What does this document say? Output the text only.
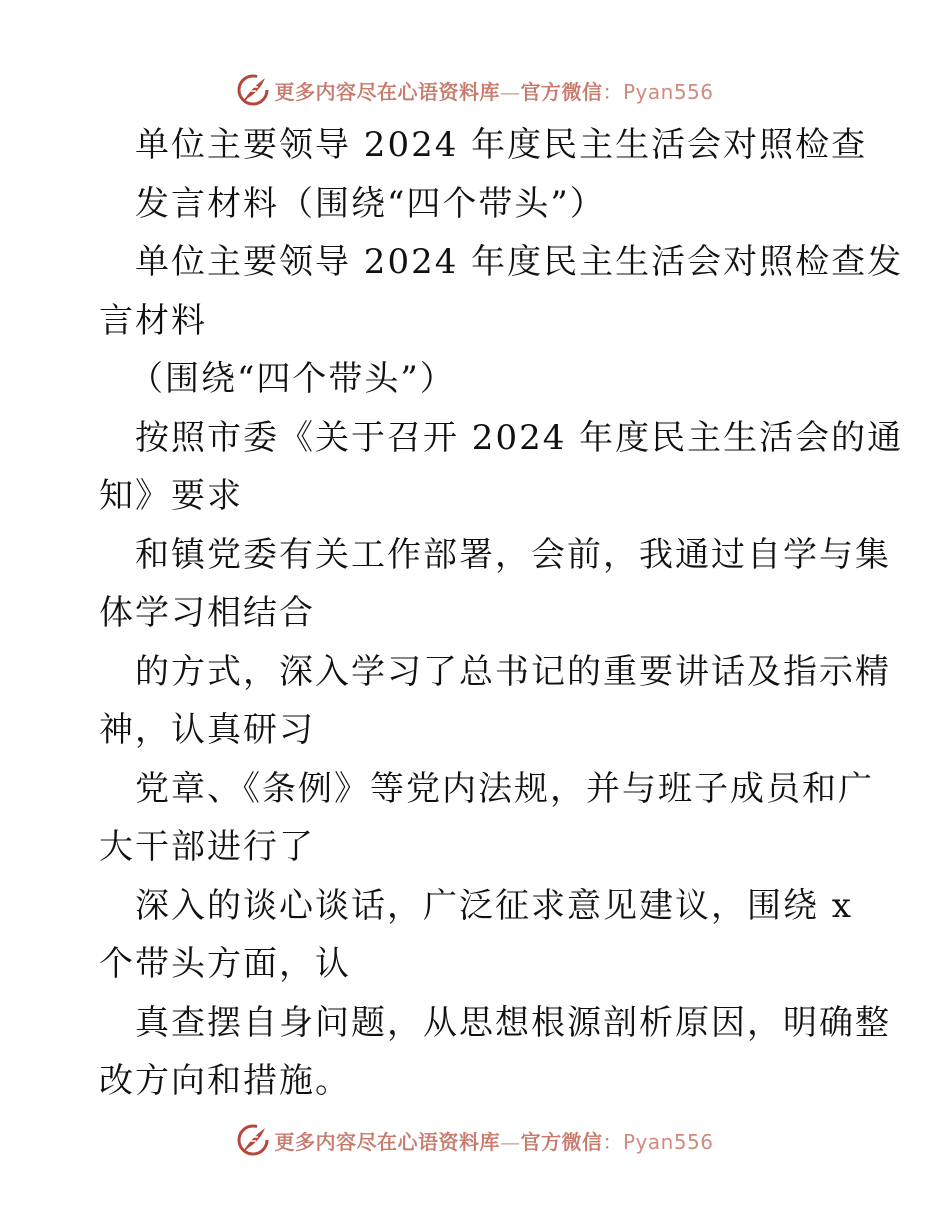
更多内容尽在心语资料库—官方微信：Pyan556

单位主要领导 2024 年度民主生活会对照检查

发言材料（围绕“四个带头”）

单位主要领导 2024 年度民主生活会对照检查发

言材料

（围绕“四个带头”）

按照市委《关于召开 2024 年度民主生活会的通

知》要求

和镇党委有关工作部署，会前，我通过自学与集

体学习相结合

的方式，深入学习了总书记的重要讲话及指示精

神，认真研习

党章、《条例》等党内法规，并与班子成员和广

大干部进行了

深入的谈心谈话，广泛征求意见建议，围绕 x

个带头方面，认

真查摆自身问题，从思想根源剖析原因，明确整

改方向和措施。

更多内容尽在心语资料库—官方微信：Pyan556
